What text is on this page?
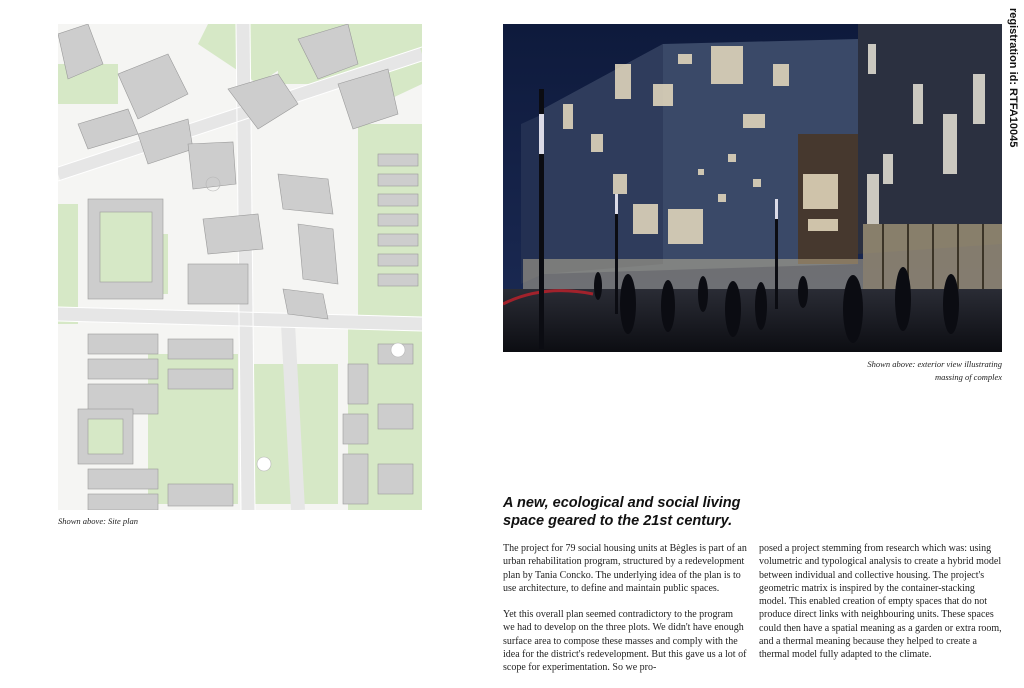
registration id: RTFA10045
Shown above: Site plan
Shown above: exterior view illustrating
massing of complex
A new, ecological and social living
space geared to the 21st century.

The project for 79 social housing units at Bègles is part of an urban rehabilitation program, structured by a redevelopment plan by Tania Concko. The underlying idea of the plan is to use architecture, to define and maintain public spaces.

Yet this overall plan seemed contradictory to the program we had to develop on the three plots. We didn't have enough surface area to compose these masses and comply with the idea for the district's redevelopment. But this gave us a lot of scope for experimentation. So we pro-

posed a project stemming from research which was: using volumetric and typological analysis to create a hybrid model between individual and collective housing. The project's geometric matrix is inspired by the container-stacking model. This enabled creation of empty spaces that do not produce direct links with neighbouring units. These spaces could then have a spatial meaning as a garden or extra room, and a thermal meaning because they helped to create a thermal model fully adapted to the climate.
